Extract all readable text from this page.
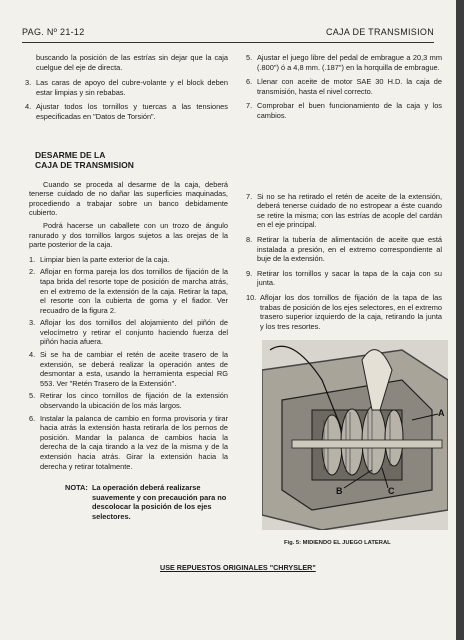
PAG. Nº 21-12	CAJA DE TRANSMISION

buscando la posición de las estrías sin dejar que la caja cuelgue del eje de directa.

3. Las caras de apoyo del cubre-volante y el block deben estar limpias y sin rebabas.
4. Ajustar todos los tornillos y tuercas a las tensiones especificadas en "Datos de Torsión".
DESARME DE LA
CAJA DE TRANSMISION

Cuando se proceda al desarme de la caja, deberá tenerse cuidado de no dañar las superficies maquinadas, procediendo a trabajar sobre un banco debidamente cubierto.

Podrá hacerse un caballete con un trozo de ángulo ranurado y dos tornillos largos sujetos a las orejas de la parte posterior de la caja.

1. Limpiar bien la parte exterior de la caja.
2. Aflojar en forma pareja los dos tornillos de fijación de la tapa brida del resorte tope de posición de marcha atrás, en el extremo de la extensión de la caja. Retirar la tapa, el resorte con la cubierta de goma y el fiador. Ver recuadro de la figura 2.
3. Aflojar los dos tornillos del alojamiento del piñón de velocímetro y retirar el conjunto haciendo fuerza del piñón hacia afuera.
4. Si se ha de cambiar el retén de aceite trasero de la extensión, se deberá realizar la operación antes de desmontar a esta, usando la herramienta especial RG 553. Ver "Retén Trasero de la Extensión".
5. Retirar los cinco tornillos de fijación de la extensión observando la ubicación de los más largos.
6. Instalar la palanca de cambio en forma provisoria y tirar hacia atrás la extensión hasta retirarla de los pernos de posición. Mandar la palanca de cambios hacia la derecha de la caja tirando a la vez de la misma y de la extensión hacia atrás. Girar la extensión hacia la derecha y retirar totalmente.
NOTA: La operación deberá realizarse suavemente y con precaución para no descolocar la posición de los ejes selectores.
5. Ajustar el juego libre del pedal de embrague a 20,3 mm (.800") ó a 4,8 mm. (.187") en la horquilla de embrague.
6. Llenar con aceite de motor SAE 30 H.D. la caja de transmisión, hasta el nivel correcto.
7. Comprobar el buen funcionamiento de la caja y los cambios.
7. Si no se ha retirado el retén de aceite de la extensión, deberá tenerse cuidado de no estropear a éste cuando se retire la misma; con las estrías de acople del cardán en el eje principal.
8. Retirar la tubería de alimentación de aceite que está instalada a presión, en el extremo correspondiente al buje de la extensión.
9. Retirar los tornillos y sacar la tapa de la caja con su junta.
10. Aflojar los dos tornillos de fijación de la tapa de las trabas de posición de los ejes selectores, en el extremo trasero superior izquierdo de la caja, retirando la junta y los tres resortes.
A
B	C
Fig. 5: MIDIENDO EL JUEGO LATERAL
USE REPUESTOS ORIGINALES "CHRYSLER"
